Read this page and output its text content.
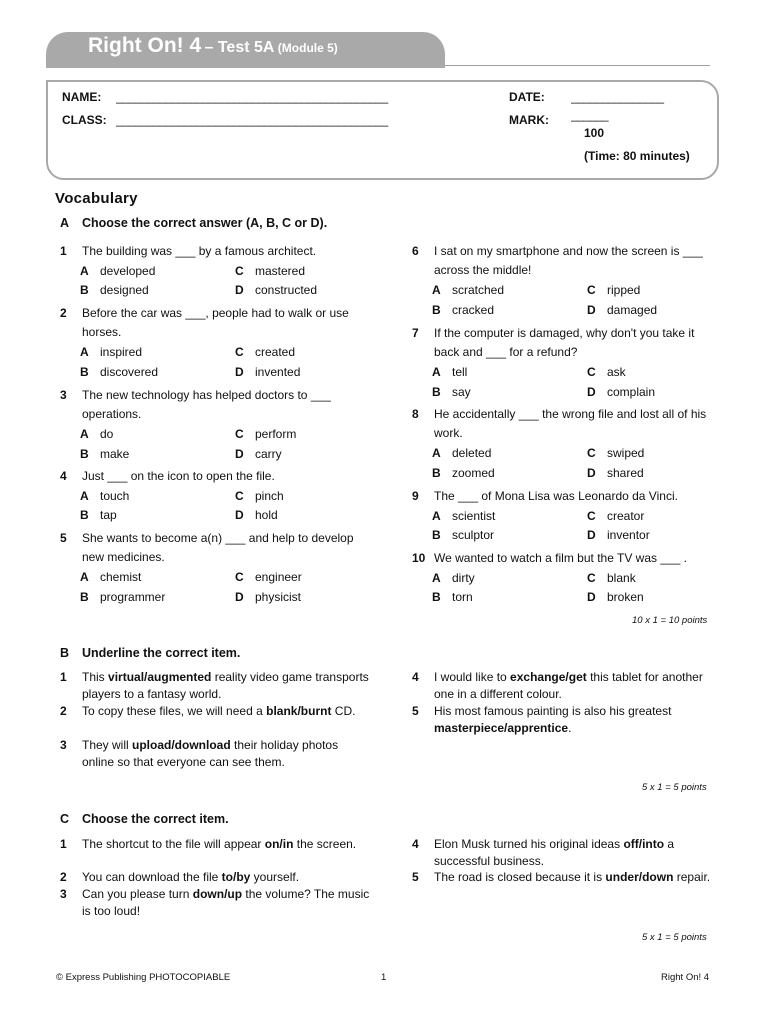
Right On! 4 – Test 5A (Module 5)
NAME: ____________________________________________
CLASS: ____________________________________________
DATE: _______________
MARK: ______
100
(Time: 80 minutes)
Vocabulary
A Choose the correct answer (A, B, C or D).
1 The building was ___ by a famous architect.
A developed	C mastered
B designed	D constructed
2 Before the car was ___, people had to walk or use horses.
A inspired	C created
B discovered	D invented
3 The new technology has helped doctors to ___ operations.
A do	C perform
B make	D carry
4 Just ___ on the icon to open the file.
A touch	C pinch
B tap	D hold
5 She wants to become a(n) ___ and help to develop new medicines.
A chemist	C engineer
B programmer	D physicist
6 I sat on my smartphone and now the screen is ___ across the middle!
A scratched	C ripped
B cracked	D damaged
7 If the computer is damaged, why don't you take it back and ___ for a refund?
A tell	C ask
B say	D complain
8 He accidentally ___ the wrong file and lost all of his work.
A deleted	C swiped
B zoomed	D shared
9 The ___ of Mona Lisa was Leonardo da Vinci.
A scientist	C creator
B sculptor	D inventor
10 We wanted to watch a film but the TV was ___ .
A dirty	C blank
B torn	D broken
10 x 1 = 10 points
B Underline the correct item.
1 This virtual/augmented reality video game transports players to a fantasy world.
2 To copy these files, we will need a blank/burnt CD.
3 They will upload/download their holiday photos online so that everyone can see them.
4 I would like to exchange/get this tablet for another one in a different colour.
5 His most famous painting is also his greatest masterpiece/apprentice.
5 x 1 = 5 points
C Choose the correct item.
1 The shortcut to the file will appear on/in the screen.
2 You can download the file to/by yourself.
3 Can you please turn down/up the volume? The music is too loud!
4 Elon Musk turned his original ideas off/into a successful business.
5 The road is closed because it is under/down repair.
5 x 1 = 5 points
© Express Publishing PHOTOCOPIABLE	1	Right On! 4
